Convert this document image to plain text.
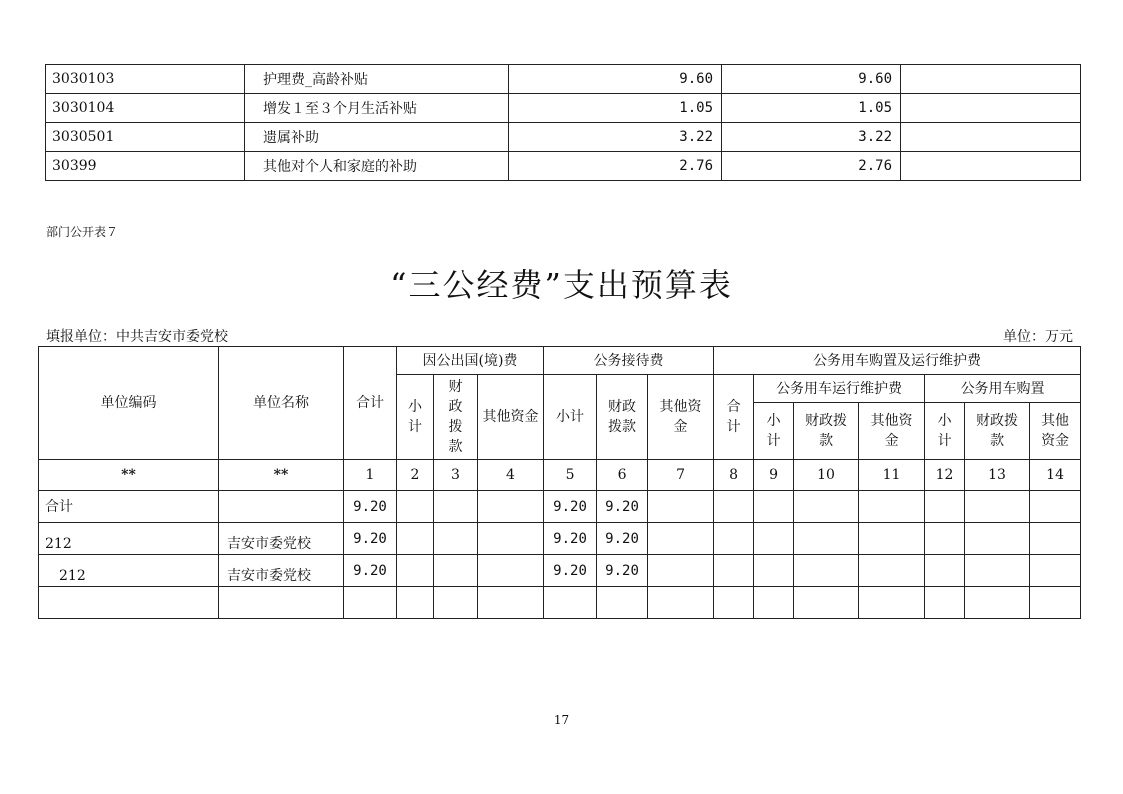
3030103	护理费_高龄补贴	9.60	9.60	
3030104	增发１至３个月生活补贴	1.05	1.05	
3030501	遗属补助	3.22	3.22	
30399	其他对个人和家庭的补助	2.76	2.76	
部门公开表７
“三公经费”支出预算表
填报单位：中共吉安市委党校	单位：万元
单位编码	单位名称	合计	因公出国(境)费			公务接待费			公务用车购置及运行维护费						

			小计	财政拨款	其他资金	小计	财政拨款	其他资金	合计	公务用车运行维护费			公务用车购置		

										小计	财政拨款	其他资金	小计	财政拨款	其他资金

**	**	1	2	3	4	5	6	7	8	9	10	11	12	13	14
合计		9.20				9.20	9.20								
212	吉安市委党校	9.20				9.20	9.20								
212	吉安市委党校	9.20				9.20	9.20								

17
